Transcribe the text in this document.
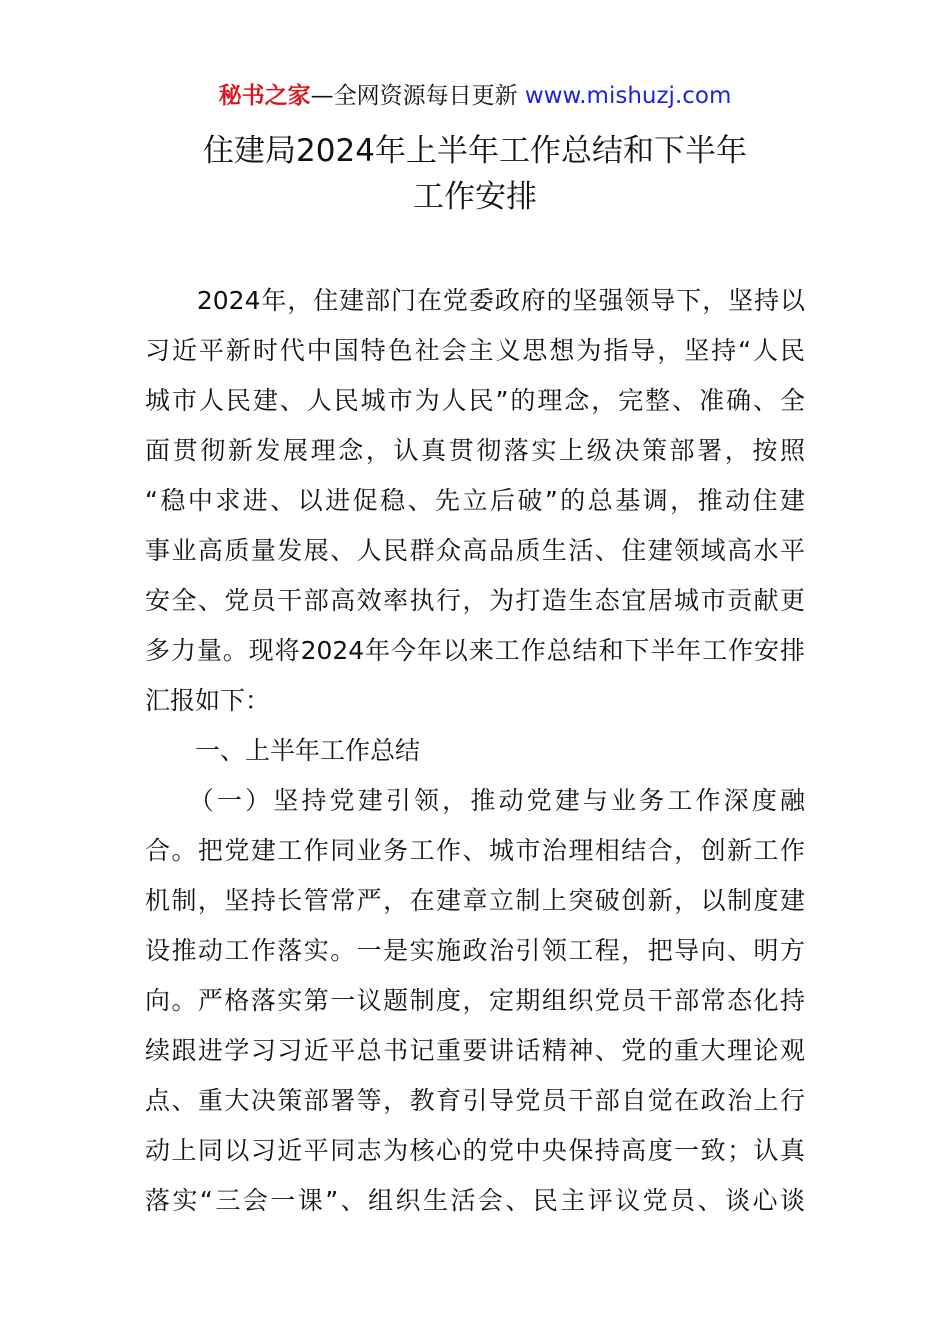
秘书之家—全网资源每日更新 www.mishuzj.com
住建局2024年上半年工作总结和下半年
工作安排
　　2024年，住建部门在党委政府的坚强领导下，坚持以
习近平新时代中国特色社会主义思想为指导，坚持“人民
城市人民建、人民城市为人民”的理念，完整、准确、全
面贯彻新发展理念，认真贯彻落实上级决策部署，按照
“稳中求进、以进促稳、先立后破”的总基调，推动住建
事业高质量发展、人民群众高品质生活、住建领域高水平
安全、党员干部高效率执行，为打造生态宜居城市贡献更
多力量。现将2024年今年以来工作总结和下半年工作安排
汇报如下：
一、上半年工作总结
　　（一）坚持党建引领，推动党建与业务工作深度融
合。把党建工作同业务工作、城市治理相结合，创新工作
机制，坚持长管常严，在建章立制上突破创新，以制度建
设推动工作落实。一是实施政治引领工程，把导向、明方
向。严格落实第一议题制度，定期组织党员干部常态化持
续跟进学习习近平总书记重要讲话精神、党的重大理论观
点、重大决策部署等，教育引导党员干部自觉在政治上行
动上同以习近平同志为核心的党中央保持高度一致；认真
落实“三会一课”、组织生活会、民主评议党员、谈心谈
